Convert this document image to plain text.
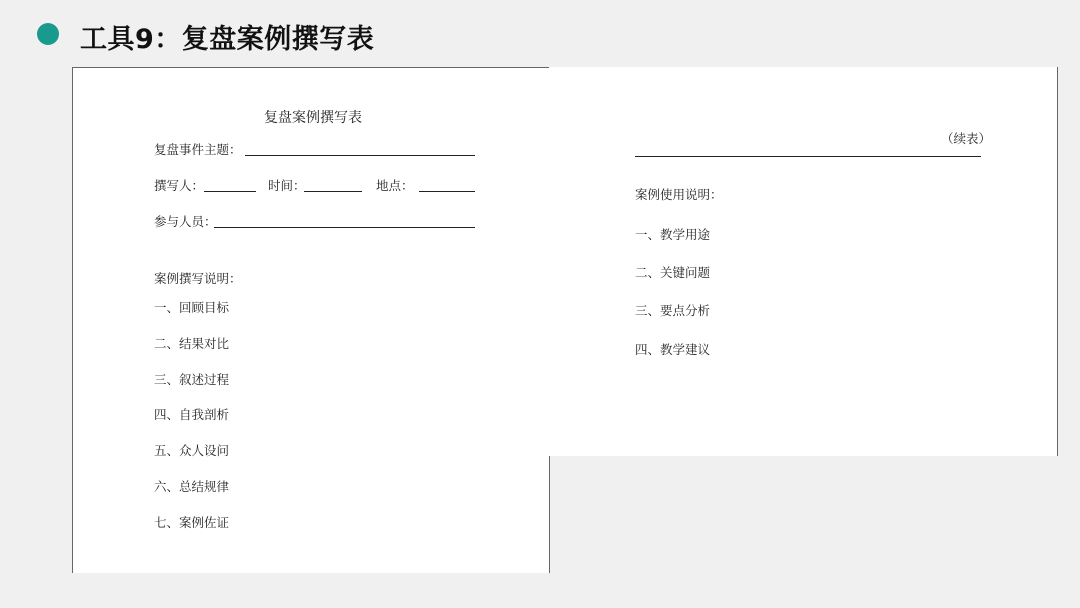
工具9：复盘案例撰写表
复盘案例撰写表
复盘事件主题：
撰写人：	时间：	地点：
参与人员：
案例撰写说明：
一、回顾目标
二、结果对比
三、叙述过程
四、自我剖析
五、众人设问
六、总结规律
七、案例佐证
（续表）
案例使用说明：
一、教学用途
二、关键问题
三、要点分析
四、教学建议
